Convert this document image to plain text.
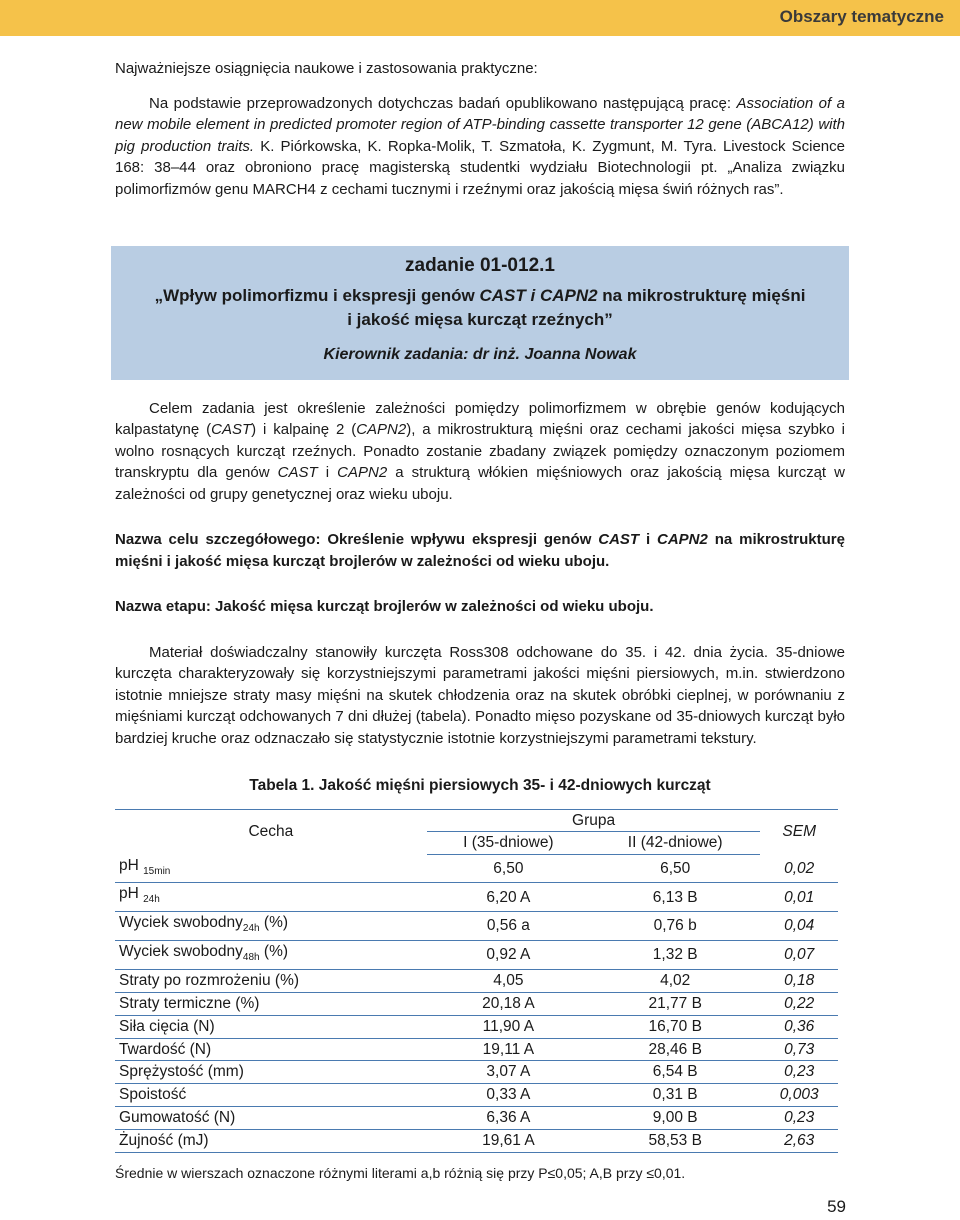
Obszary tematyczne

Najważniejsze osiągnięcia naukowe i zastosowania praktyczne:

Na podstawie przeprowadzonych dotychczas badań opublikowano następującą pracę: Association of a new mobile element in predicted promoter region of ATP-binding cassette transporter 12 gene (ABCA12) with pig production traits. K. Piórkowska, K. Ropka-Molik, T. Szmatoła, K. Zygmunt, M. Tyra. Livestock Science 168: 38–44 oraz obroniono pracę magisterską studentki wydziału Biotechnologii pt. „Analiza związku polimorfizmów genu MARCH4 z cechami tucznymi i rzeźnymi oraz jakością mięsa świń różnych ras”.

zadanie 01-012.1
„Wpływ polimorfizmu i ekspresji genów CAST i CAPN2 na mikrostrukturę mięśni
i jakość mięsa kurcząt rzeźnych”
Kierownik zadania: dr inż. Joanna Nowak

Celem zadania jest określenie zależności pomiędzy polimorfizmem w obrębie genów kodujących kalpastatynę (CAST) i kalpainę 2 (CAPN2), a mikrostrukturą mięśni oraz cechami jakości mięsa szybko i wolno rosnących kurcząt rzeźnych. Ponadto zostanie zbadany związek pomiędzy oznaczonym poziomem transkryptu dla genów CAST i CAPN2 a strukturą włókien mięśniowych oraz jakością mięsa kurcząt w zależności od grupy genetycznej oraz wieku uboju.

Nazwa celu szczegółowego: Określenie wpływu ekspresji genów CAST i CAPN2 na mikrostrukturę mięśni i jakość mięsa kurcząt brojlerów w zależności od wieku uboju.

Nazwa etapu: Jakość mięsa kurcząt brojlerów w zależności od wieku uboju.

Materiał doświadczalny stanowiły kurczęta Ross308 odchowane do 35. i 42. dnia życia. 35-dniowe kurczęta charakteryzowały się korzystniejszymi parametrami jakości mięśni piersiowych, m.in. stwierdzono istotnie mniejsze straty masy mięśni na skutek chłodzenia oraz na skutek obróbki cieplnej, w porównaniu z mięśniami kurcząt odchowanych 7 dni dłużej (tabela). Ponadto mięso pozyskane od 35-dniowych kurcząt było bardziej kruche oraz odznaczało się statystycznie istotnie korzystniejszymi parametrami tekstury.

Tabela 1. Jakość mięśni piersiowych 35- i 42-dniowych kurcząt
Cecha	Grupa		SEM
	I (35-dniowe)	II (42-dniowe)	
pH $_{15min}$	6,50	6,50	0,02
pH $_{24h}$	6,20 A	6,13 B	0,01
Wyciek swobodny$_{24h}$ (%)	0,56 a	0,76 b	0,04
Wyciek swobodny$_{48h}$ (%)	0,92 A	1,32 B	0,07
Straty po rozmrożeniu (%)	4,05	4,02	0,18
Straty termiczne (%)	20,18 A	21,77 B	0,22
Siła cięcia (N)	11,90 A	16,70 B	0,36
Twardość (N)	19,11 A	28,46 B	0,73
Sprężystość (mm)	3,07 A	6,54 B	0,23
Spoistość	0,33 A	0,31 B	0,003
Gumowatość (N)	6,36 A	9,00 B	0,23
Żujność (mJ)	19,61 A	58,53 B	2,63

Średnie w wierszach oznaczone różnymi literami a,b różnią się przy P≤0,05; A,B przy ≤0,01.

59
